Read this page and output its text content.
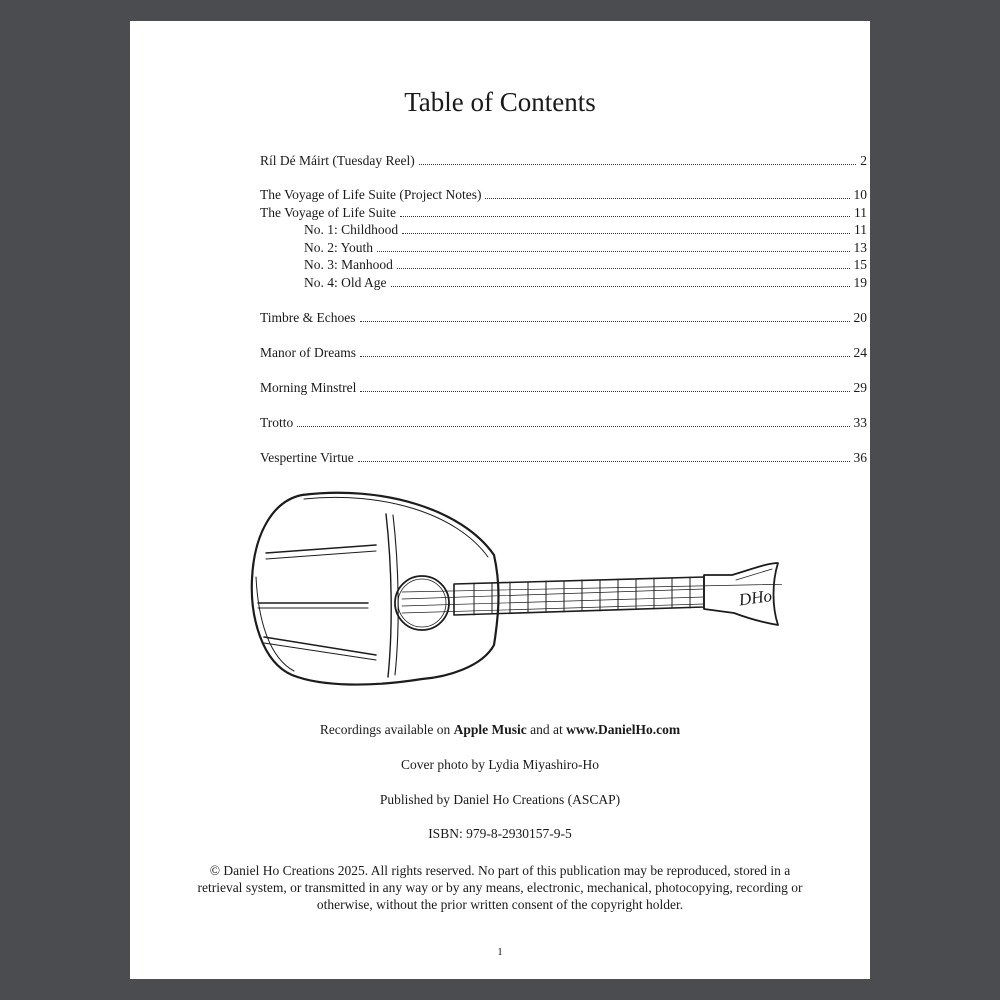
Table of Contents
Ríl Dé Máirt (Tuesday Reel)	2
The Voyage of Life Suite (Project Notes)	10
The Voyage of Life Suite	11
No. 1: Childhood	11
No. 2: Youth	13
No. 3: Manhood	15
No. 4: Old Age	19
Timbre & Echoes	20
Manor of Dreams	24
Morning Minstrel	29
Trotto	33
Vespertine Virtue	36
DHo
Recordings available on Apple Music and at www.DanielHo.com
Cover photo by Lydia Miyashiro-Ho
Published by Daniel Ho Creations (ASCAP)
ISBN: 979-8-2930157-9-5
© Daniel Ho Creations 2025. All rights reserved. No part of this publication may be reproduced, stored in a retrieval system, or transmitted in any way or by any means, electronic, mechanical, photocopying, recording or otherwise, without the prior written consent of the copyright holder.
1
